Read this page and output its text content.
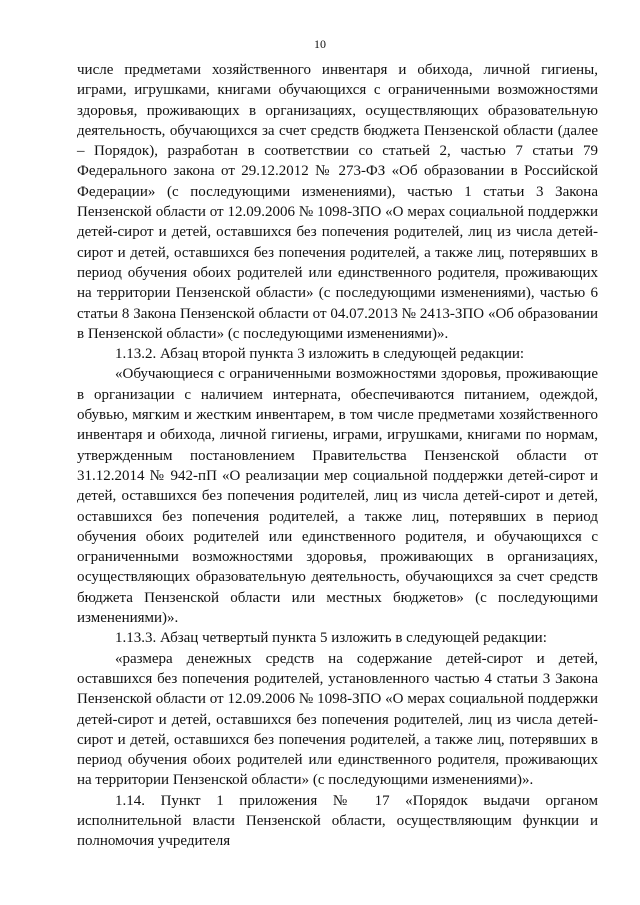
10

числе предметами хозяйственного инвентаря и обихода, личной гигиены, играми, игрушками, книгами обучающихся с ограниченными возможностями здоровья, проживающих в организациях, осуществляющих образовательную деятельность, обучающихся за счет средств бюджета Пензенской области (далее – Порядок), разработан в соответствии со статьей 2, частью 7 статьи 79 Федерального закона от 29.12.2012 № 273-ФЗ «Об образовании в Российской Федерации» (с последующими изменениями), частью 1 статьи 3 Закона Пензенской области от 12.09.2006 № 1098-ЗПО «О мерах социальной поддержки детей-сирот и детей, оставшихся без попечения родителей, лиц из числа детей-сирот и детей, оставшихся без попечения родителей, а также лиц, потерявших в период обучения обоих родителей или единственного родителя, проживающих на территории Пензенской области» (с последующими изменениями), частью 6 статьи 8 Закона Пензенской области от 04.07.2013 № 2413-ЗПО «Об образовании в Пензенской области» (с последующими изменениями)».

1.13.2. Абзац второй пункта 3 изложить в следующей редакции:

«Обучающиеся с ограниченными возможностями здоровья, проживающие в организации с наличием интерната, обеспечиваются питанием, одеждой, обувью, мягким и жестким инвентарем, в том числе предметами хозяйственного инвентаря и обихода, личной гигиены, играми, игрушками, книгами по нормам, утвержденным постановлением Правительства Пензенской области от 31.12.2014 № 942-пП «О реализации мер социальной поддержки детей-сирот и детей, оставшихся без попечения родителей, лиц из числа детей-сирот и детей, оставшихся без попечения родителей, а также лиц, потерявших в период обучения обоих родителей или единственного родителя, и обучающихся с ограниченными возможностями здоровья, проживающих в организациях, осуществляющих образовательную деятельность, обучающихся за счет средств бюджета Пензенской области или местных бюджетов» (с последующими изменениями)».

1.13.3. Абзац четвертый пункта 5 изложить в следующей редакции:

«размера денежных средств на содержание детей-сирот и детей, оставшихся без попечения родителей, установленного частью 4 статьи 3 Закона Пензенской области от 12.09.2006 № 1098-ЗПО «О мерах социальной поддержки детей-сирот и детей, оставшихся без попечения родителей, лиц из числа детей-сирот и детей, оставшихся без попечения родителей, а также лиц, потерявших в период обучения обоих родителей или единственного родителя, проживающих на территории Пензенской области» (с последующими изменениями)».

1.14. Пункт 1 приложения № 17 «Порядок выдачи органом исполнительной власти Пензенской области, осуществляющим функции и полномочия учредителя
